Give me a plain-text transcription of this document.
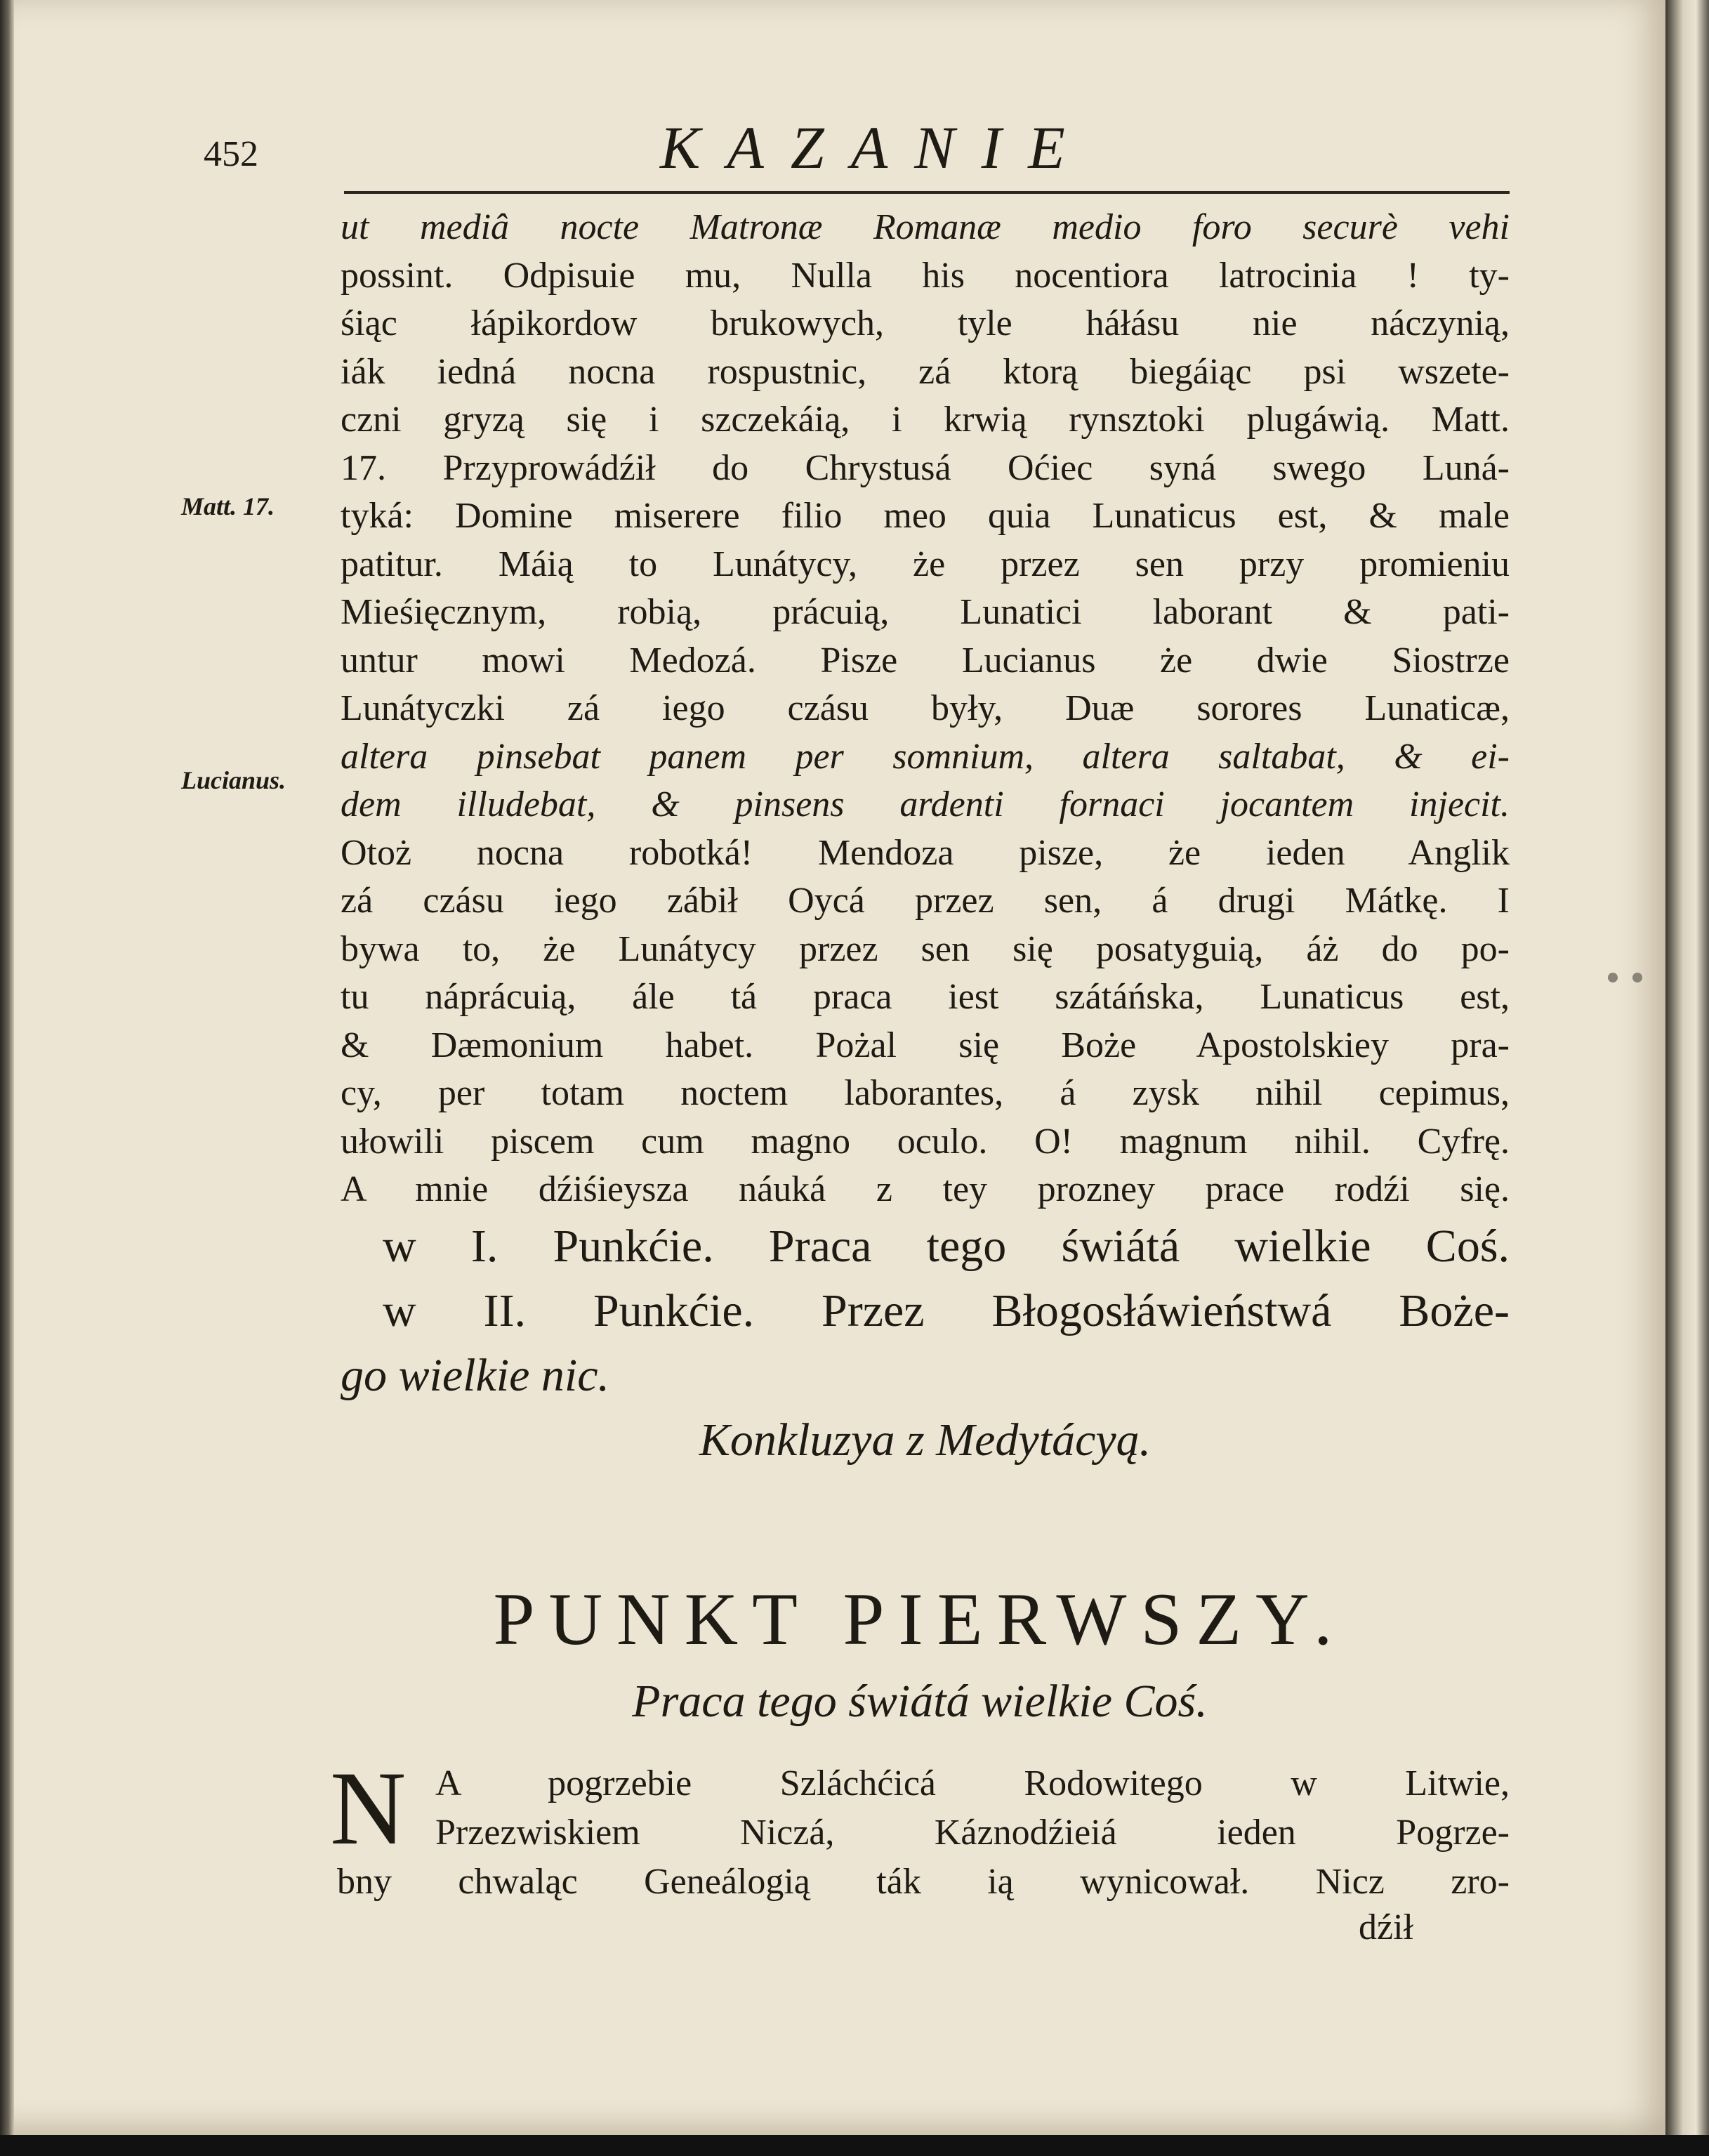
452	KAZANIE
Matt. 17.
Lucianus.
ut mediâ nocte Matronæ Romanæ medio foro securè vehi
possint. Odpisuie mu, Nulla his nocentiora latrocinia ! ty-
śiąc łápikordow brukowych, tyle háłásu nie náczynią,
iák iedná nocna rospustnic, zá ktorą biegáiąc psi wszete-
czni gryzą się i szczekáią, i krwią rynsztoki plugáwią. Matt.
17. Przyprowádźił do Chrystusá Oćiec syná swego Luná-
tyká: Domine miserere filio meo quia Lunaticus est, & male
patitur. Máią to Lunátycy, że przez sen przy promieniu
Mieśięcznym, robią, prácuią, Lunatici laborant & pati-
untur mowi Medozá. Pisze Lucianus że dwie Siostrze
Lunátyczki zá iego czásu były, Duæ sorores Lunaticæ,
altera pinsebat panem per somnium, altera saltabat, & ei-
dem illudebat, & pinsens ardenti fornaci jocantem injecit.
Otoż nocna robotká! Mendoza pisze, że ieden Anglik
zá czásu iego zábił Oycá przez sen, á drugi Mátkę. I
bywa to, że Lunátycy przez sen się posatyguią, áż do po-
tu náprácuią, ále tá praca iest szátáńska, Lunaticus est,
& Dæmonium habet. Pożal się Boże Apostolskiey pra-
cy, per totam noctem laborantes, á zysk nihil cepimus,
ułowili piscem cum magno oculo. O! magnum nihil. Cyfrę.
A mnie dźiśieysza náuká z tey prozney prace rodźi się.
w I. Punkćie. Praca tego świátá wielkie Coś.
w II. Punkćie. Przez Błogosłáwieństwá Boże-
go wielkie nic.
Konkluzya z Medytácyą.
PUNKT PIERWSZY.
Praca tego świátá wielkie Coś.
N A pogrzebie Szláchćicá Rodowitego w Litwie,
Przezwiskiem Niczá, Káznodźieiá ieden Pogrze-
bny chwaląc Geneálogią ták ią wynicował. Nicz zro-
dźił
